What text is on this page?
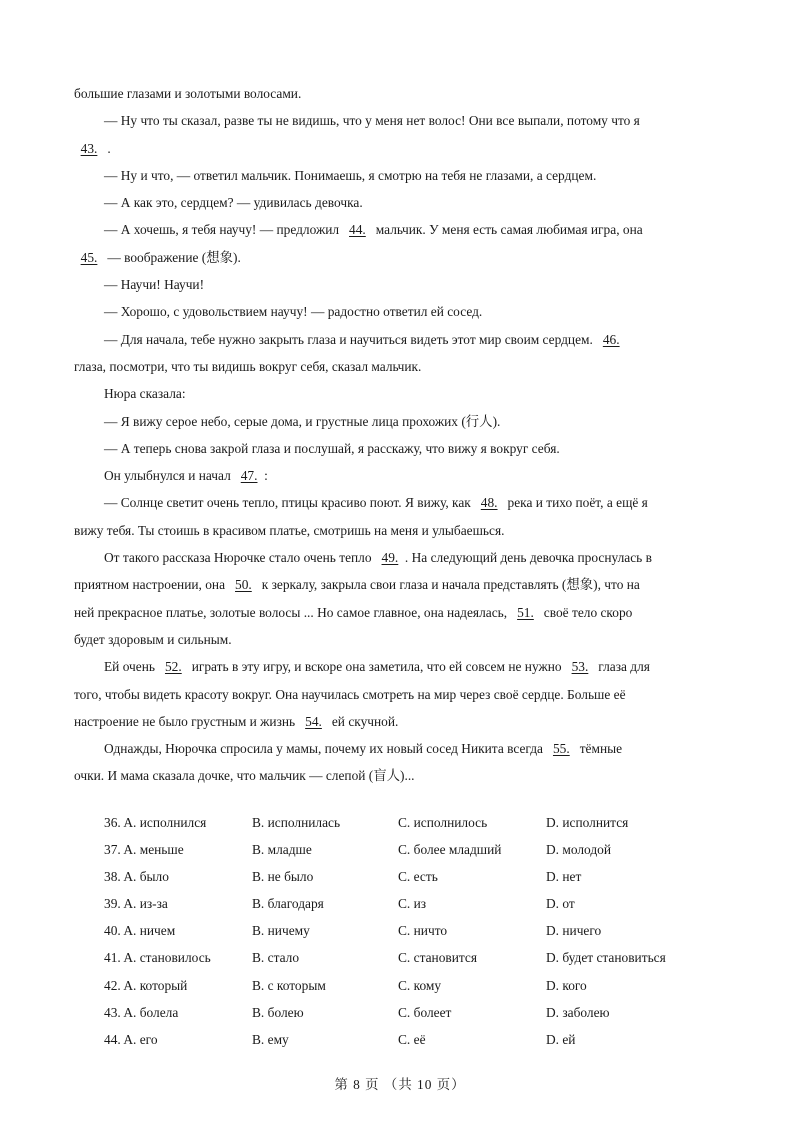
большие глазами и золотыми волосами.
— Ну что ты сказал, разве ты не видишь, что у меня нет волос! Они все выпали, потому что я
43. .
— Ну и что, — ответил мальчик. Понимаешь, я смотрю на тебя не глазами, а сердцем.
— А как это, сердцем? — удивилась девочка.
— А хочешь, я тебя научу! — предложил 44. мальчик. У меня есть самая любимая игра, она
45. — воображение (想象).
— Научи! Научи!
— Хорошо, с удовольствием научу! — радостно ответил ей сосед.
— Для начала, тебе нужно закрыть глаза и научиться видеть этот мир своим сердцем. 46.
глаза, посмотри, что ты видишь вокруг себя, сказал мальчик.
Нюра сказала:
— Я вижу серое небо, серые дома, и грустные лица прохожих (行人).
— А теперь снова закрой глаза и послушай, я расскажу, что вижу я вокруг себя.
Он улыбнулся и начал 47. :
— Солнце светит очень тепло, птицы красиво поют. Я вижу, как 48. река и тихо поёт, а ещё я
вижу тебя. Ты стоишь в красивом платье, смотришь на меня и улыбаешься.
От такого рассказа Нюрочке стало очень тепло 49. . На следующий день девочка проснулась в
приятном настроении, она 50. к зеркалу, закрыла свои глаза и начала представлять (想象), что на
ней прекрасное платье, золотые волосы ... Но самое главное, она надеялась, 51. своё тело скоро
будет здоровым и сильным.
Ей очень 52. играть в эту игру, и вскоре она заметила, что ей совсем не нужно 53. глаза для
того, чтобы видеть красоту вокруг. Она научилась смотреть на мир через своё сердце. Больше её
настроение не было грустным и жизнь 54. ей скучной.
Однажды, Нюрочка спросила у мамы, почему их новый сосед Никита всегда 55. тёмные
очки. И мама сказала дочке, что мальчик — слепой (盲人)...
36. A. исполнился	B. исполнилась	C. исполнилось	D. исполнится
37. A. меньше	B. младше	C. более младший	D. молодой
38. A. было	B. не было	C. есть	D. нет
39. A. из-за	B. благодаря	C. из	D. от
40. A. ничем	B. ничему	C. ничто	D. ничего
41. A. становилось	B. стало	C. становится	D. будет становиться
42. A. который	B. с которым	C. кому	D. кого
43. A. болела	B. болею	C. болеет	D. заболею
44. A. его	B. ему	C. её	D. ей
第 8 页 （共 10 页）
